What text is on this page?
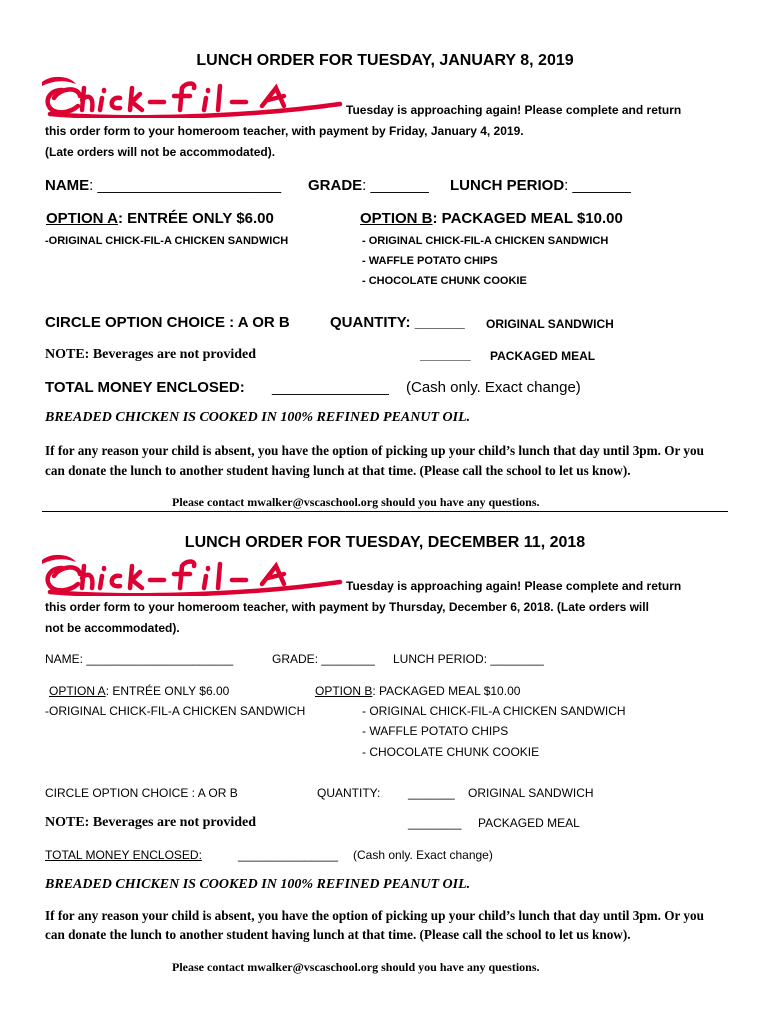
LUNCH ORDER FOR TUESDAY, JANUARY 8, 2019
Tuesday is approaching again! Please complete and return
this order form to your homeroom teacher, with payment by Friday, January 4, 2019.
(Late orders will not be accommodated).
NAME: ______________________ GRADE: _______ LUNCH PERIOD: _______
OPTION A: ENTRÉE ONLY $6.00
-ORIGINAL CHICK-FIL-A CHICKEN SANDWICH
OPTION B: PACKAGED MEAL $10.00
- ORIGINAL CHICK-FIL-A CHICKEN SANDWICH
- WAFFLE POTATO CHIPS
- CHOCOLATE CHUNK COOKIE
CIRCLE OPTION CHOICE : A OR B	QUANTITY: ______ ORIGINAL SANDWICH
NOTE: Beverages are not provided	_______ PACKAGED MEAL
TOTAL MONEY ENCLOSED: ______________ (Cash only. Exact change)
BREADED CHICKEN IS COOKED IN 100% REFINED PEANUT OIL.
If for any reason your child is absent, you have the option of picking up your child’s lunch that day until 3pm. Or you can donate the lunch to another student having lunch at that time. (Please call the school to let us know).
Please contact mwalker@vscaschool.org should you have any questions.
LUNCH ORDER FOR TUESDAY, DECEMBER 11, 2018
Tuesday is approaching again! Please complete and return
this order form to your homeroom teacher, with payment by Thursday, December 6, 2018. (Late orders will
not be accommodated).
NAME: ______________________	GRADE: ________ LUNCH PERIOD: ________
OPTION A: ENTRÉE ONLY $6.00
-ORIGINAL CHICK-FIL-A CHICKEN SANDWICH
OPTION B: PACKAGED MEAL $10.00
- ORIGINAL CHICK-FIL-A CHICKEN SANDWICH
- WAFFLE POTATO CHIPS
- CHOCOLATE CHUNK COOKIE
CIRCLE OPTION CHOICE : A OR B	QUANTITY: _______ ORIGINAL SANDWICH
NOTE: Beverages are not provided	________ PACKAGED MEAL
TOTAL MONEY ENCLOSED:	_______________ (Cash only. Exact change)
BREADED CHICKEN IS COOKED IN 100% REFINED PEANUT OIL.
If for any reason your child is absent, you have the option of picking up your child’s lunch that day until 3pm. Or you can donate the lunch to another student having lunch at that time. (Please call the school to let us know).
Please contact mwalker@vscaschool.org should you have any questions.
